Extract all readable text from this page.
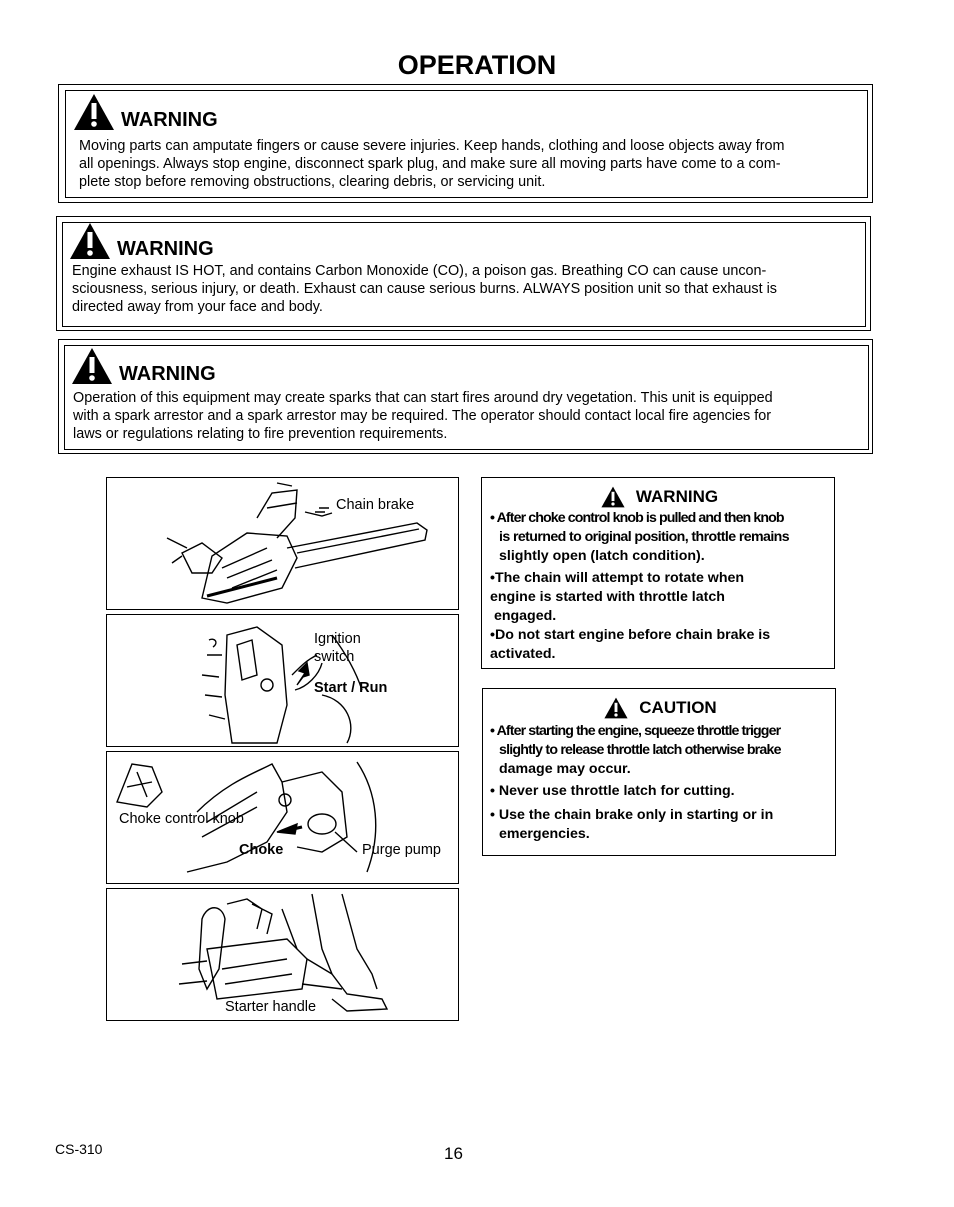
OPERATION
WARNING
Moving parts can amputate fingers or cause severe injuries. Keep hands, clothing and loose objects away from
all openings. Always stop engine, disconnect spark plug, and make sure all moving parts have come to a com-
plete stop before removing obstructions, clearing debris, or servicing unit.
WARNING
Engine exhaust IS HOT, and contains Carbon Monoxide (CO), a poison gas. Breathing CO can cause uncon-
sciousness, serious injury, or death. Exhaust can cause serious burns. ALWAYS position unit so that exhaust is
directed away from your face and body.
WARNING
Operation of this equipment may create sparks that can start fires around dry vegetation. This unit is equipped
with a spark arrestor and a spark arrestor may be required. The operator should contact local fire agencies for
laws or regulations relating to fire prevention requirements.
Chain brake
Ignition
switch
Start / Run
Choke control knob
Choke	Purge pump
Starter handle
WARNING
• After choke control knob is pulled and then knob
is returned to original position, throttle remains
slightly open (latch condition).
•The chain will attempt to rotate when
engine is started with throttle latch
engaged.
•Do not start engine before chain brake is
activated.
CAUTION
• After starting the engine, squeeze throttle trigger
slightly to release throttle latch otherwise brake
damage may occur.
• Never use throttle latch for cutting.
• Use the chain brake only in starting or in
emergencies.
CS-310	16
